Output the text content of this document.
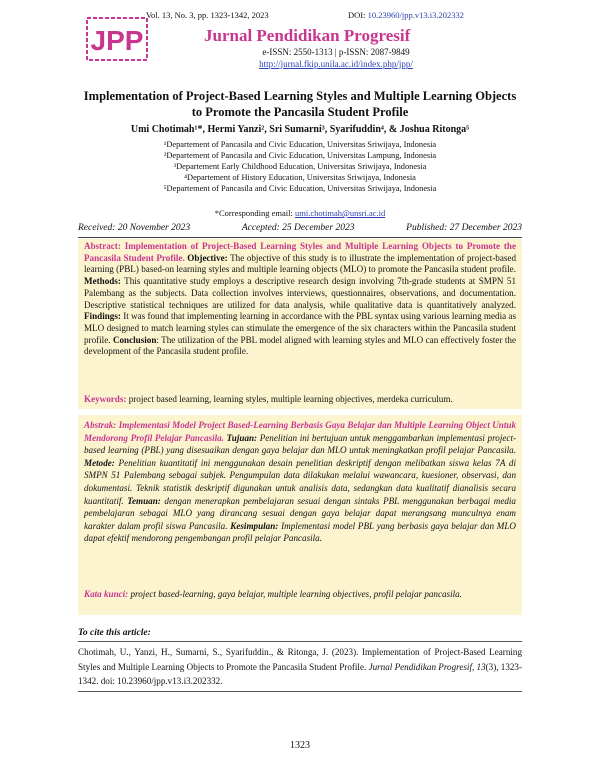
JPP
Vol. 13, No. 3, pp. 1323-1342, 2023	DOI: 10.23960/jpp.v13.i3.202332
Jurnal Pendidikan Progresif
e-ISSN: 2550-1313 | p-ISSN: 2087-9849
http://jurnal.fkip.unila.ac.id/index.php/jpp/
Implementation of Project-Based Learning Styles and Multiple Learning Objects to Promote the Pancasila Student Profile
Umi Chotimah¹*, Hermi Yanzi², Sri Sumarni³, Syarifuddin⁴, & Joshua Ritonga⁵
¹Departement of Pancasila and Civic Education, Universitas Sriwijaya, Indonesia
²Departement of Pancasila and Civic Education, Universitas Lampung, Indonesia
³Departement Early Childhood Education, Universitas Sriwijaya, Indonesia
⁴Departement of History Education, Universitas Sriwijaya, Indonesia
⁵Departement of Pancasila and Civic Education, Universitas Sriwijaya, Indonesia
*Corresponding email: umi.chotimah@unsri.ac.id
Received: 20 November 2023	Accepted: 25 December 2023	Published: 27 December 2023
Abstract: Implementation of Project-Based Learning Styles and Multiple Learning Objects to Promote the Pancasila Student Profile. Objective: The objective of this study is to illustrate the implementation of project-based learning (PBL) based-on learning styles and multiple learning objects (MLO) to promote the Pancasila student profile. Methods: This quantitative study employs a descriptive research design involving 7th-grade students at SMPN 51 Palembang as the subjects. Data collection involves interviews, questionnaires, observations, and documentation. Descriptive statistical techniques are utilized for data analysis, while qualitative data is quantitatively analyzed. Findings: It was found that implementing learning in accordance with the PBL syntax using various learning media as MLO designed to match learning styles can stimulate the emergence of the six characters within the Pancasila student profile. Conclusion: The utilization of the PBL model aligned with learning styles and MLO can effectively foster the development of the Pancasila student profile.
Keywords: project based learning, learning styles, multiple learning objectives, merdeka curriculum.
Abstrak: Implementasi Model Project Based-Learning Berbasis Gaya Belajar dan Multiple Learning Object Untuk Mendorong Profil Pelajar Pancasila. Tujuan: Penelitian ini bertujuan untuk menggambarkan implementasi project-based learning (PBL) yang disesuaikan dengan gaya belajar dan MLO untuk meningkatkan profil pelajar Pancasila. Metode: Penelitian kuantitatif ini menggunakan desain penelitian deskriptif dengan melibatkan siswa kelas 7A di SMPN 51 Palembang sebagai subjek. Pengumpulan data dilakukan melalui wawancara, kuesioner, observasi, dan dokumentasi. Teknik statistik deskriptif digunakan untuk analisis data, sedangkan data kualitatif dianalisis secara kuantitatif. Temuan: dengan menerapkan pembelajaran sesuai dengan sintaks PBL menggunakan berbagai media pembelajaran sebagai MLO yang dirancang sesuai dengan gaya belajar dapat merangsang munculnya enam karakter dalam profil siswa Pancasila. Kesimpulan: Implementasi model PBL yang berbasis gaya belajar dan MLO dapat efektif mendorong pengembangan profil pelajar Pancasila.
Kata kunci: project based-learning, gaya belajar, multiple learning objectives, profil pelajar pancasila.
To cite this article:
Chotimah, U., Yanzi, H., Sumarni, S., Syarifuddin., & Ritonga, J. (2023). Implementation of Project-Based Learning Styles and Multiple Learning Objects to Promote the Pancasila Student Profile. Jurnal Pendidikan Progresif, 13(3), 1323-1342. doi: 10.23960/jpp.v13.i3.202332.
1323
